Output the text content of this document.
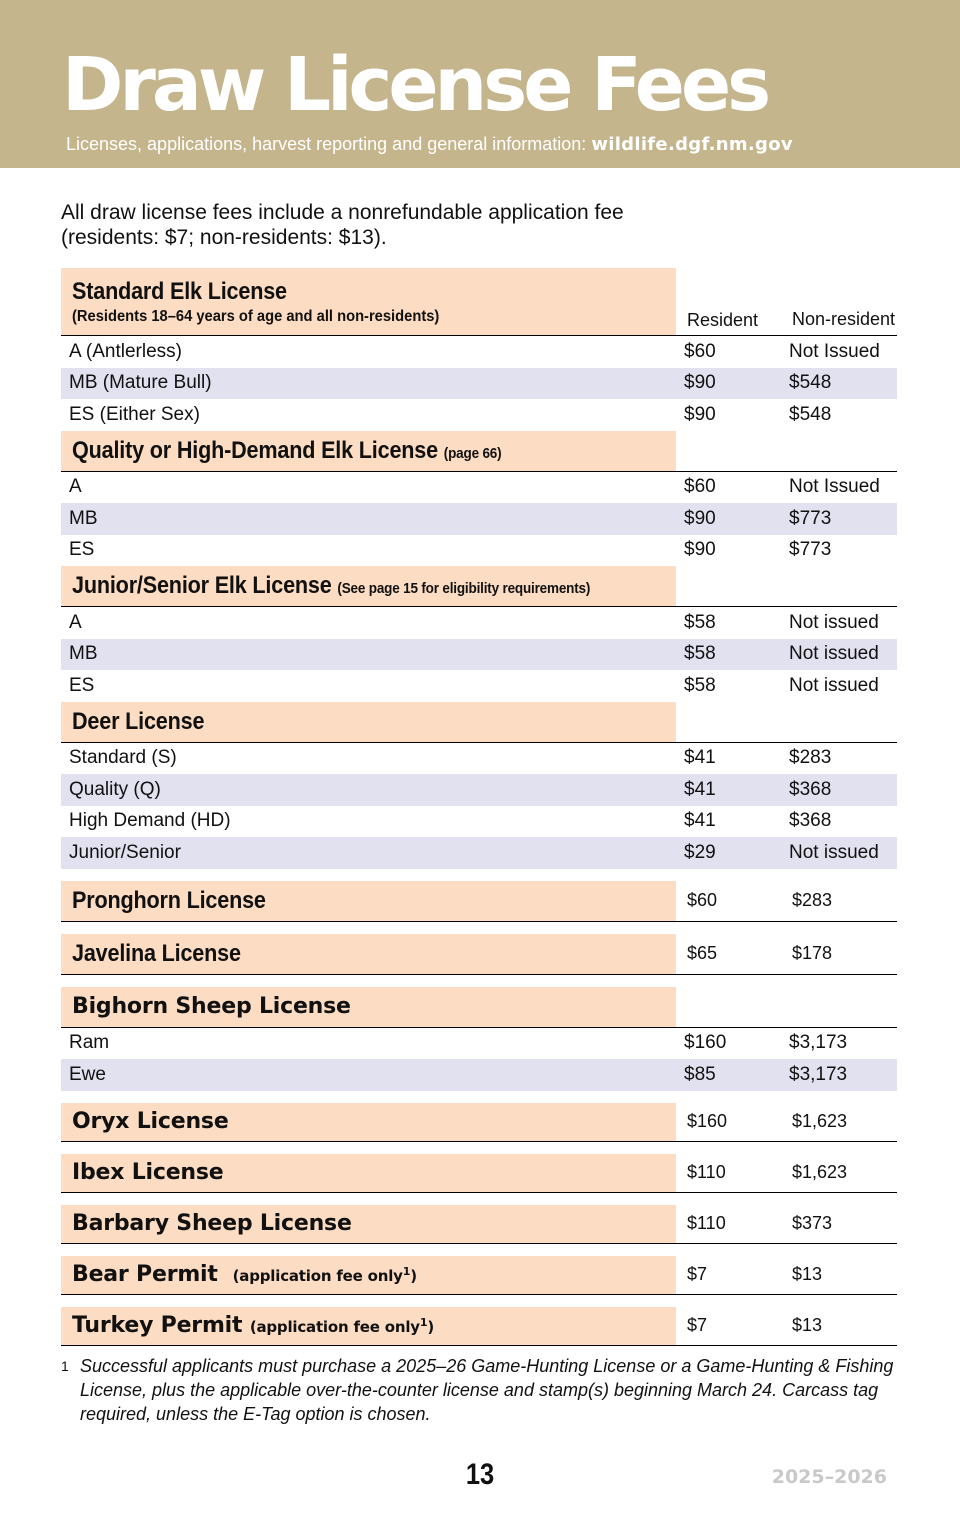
Draw License Fees
Licenses, applications, harvest reporting and general information: wildlife.dgf.nm.gov
All draw license fees include a nonrefundable application fee (residents: $7; non-residents: $13).
Standard Elk License
(Residents 18–64 years of age and all non-residents)	Resident	Non-resident
A (Antlerless)	$60	Not Issued
MB (Mature Bull)	$90	$548
ES (Either Sex)	$90	$548
Quality or High-Demand Elk License (page 66)
A	$60	Not Issued
MB	$90	$773
ES	$90	$773
Junior/Senior Elk License (See page 15 for eligibility requirements)
A	$58	Not issued
MB	$58	Not issued
ES	$58	Not issued
Deer License
Standard (S)	$41	$283
Quality (Q)	$41	$368
High Demand (HD)	$41	$368
Junior/Senior	$29	Not issued
Pronghorn License	$60	$283
Javelina License	$65	$178
Bighorn Sheep License
Ram	$160	$3,173
Ewe	$85	$3,173
Oryx License	$160	$1,623
Ibex License	$110	$1,623
Barbary Sheep License	$110	$373
Bear Permit (application fee only$^1$)	$7	$13
Turkey Permit (application fee only$^1$)	$7	$13
1 Successful applicants must purchase a 2025–26 Game-Hunting License or a Game-Hunting & Fishing License, plus the applicable over-the-counter license and stamp(s) beginning March 24. Carcass tag required, unless the E-Tag option is chosen.
13	2025–2026
